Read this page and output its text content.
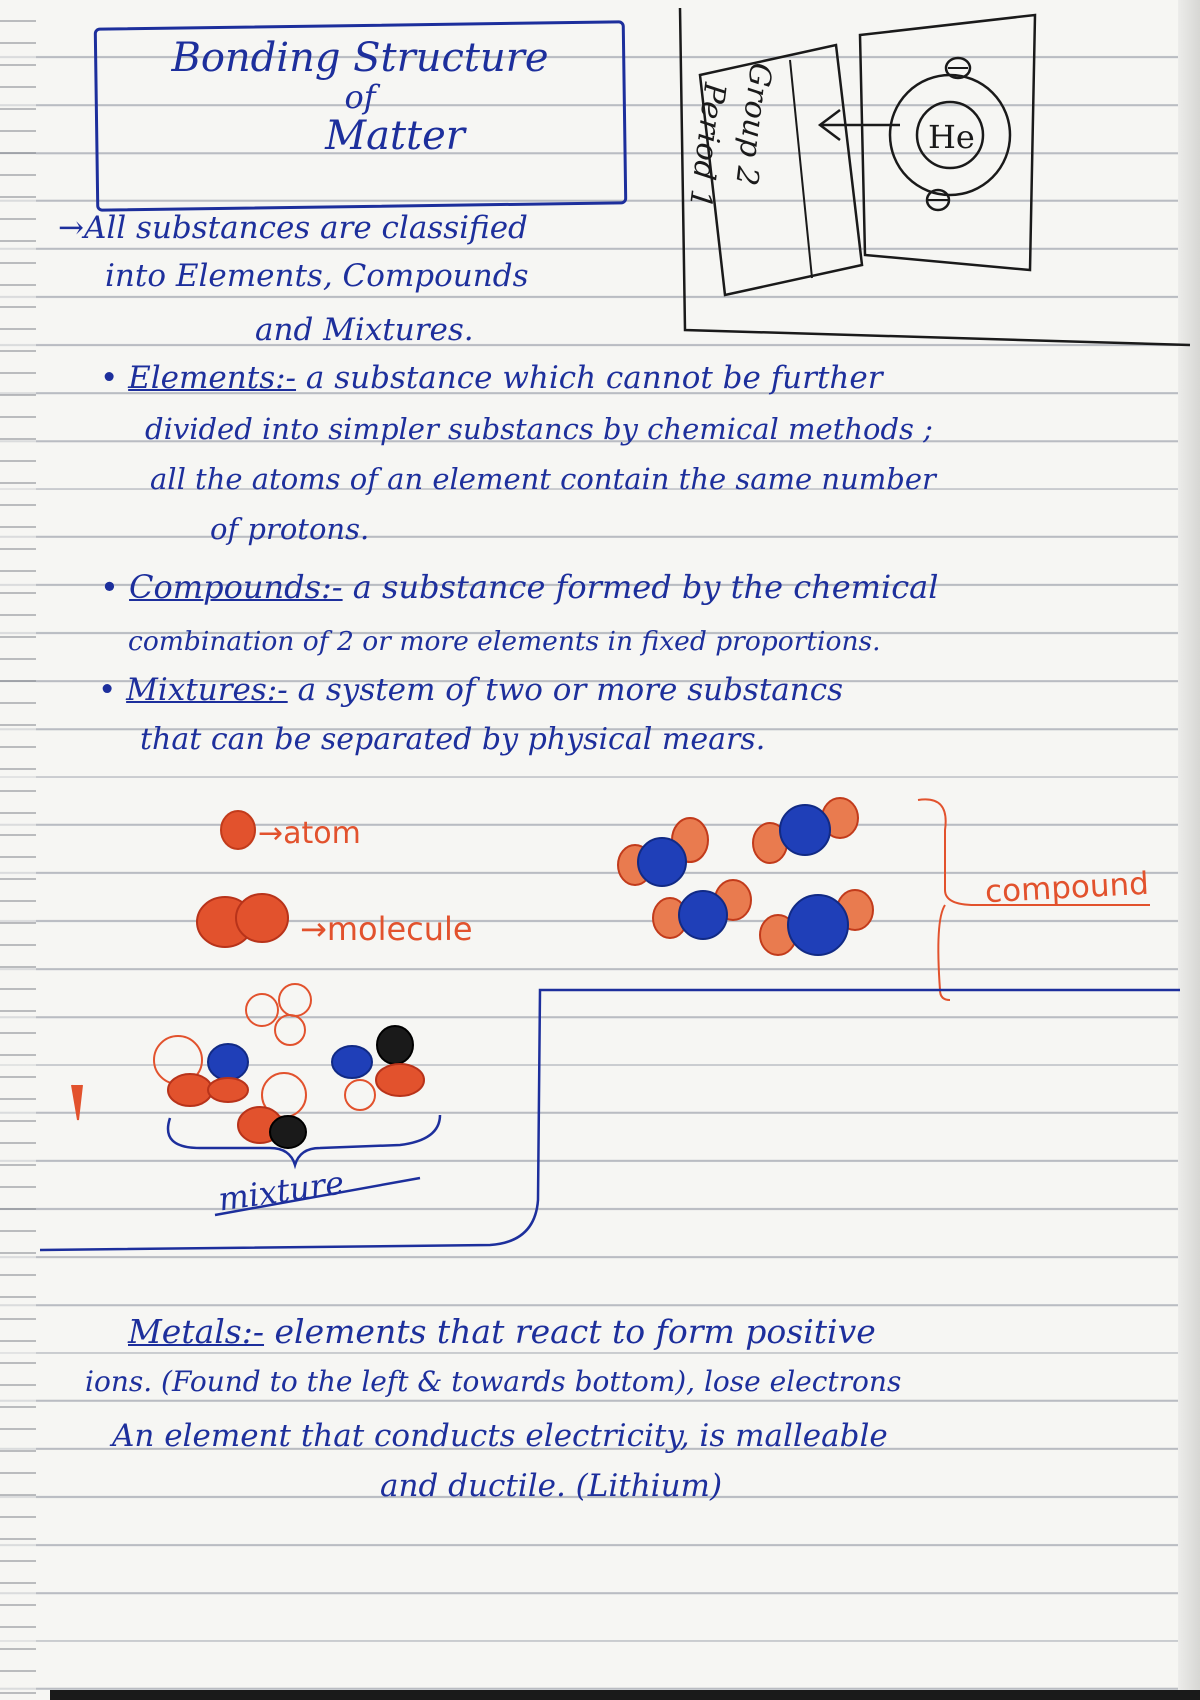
Bonding Structure
of
Matter	Group 2
Period 1	He
→All substances are classified
into Elements, Compounds
and Mixtures.
• Elements:- a substance which cannot be further
divided into simpler substancs by chemical methods ;
all the atoms of an element contain the same number
of protons.
• Compounds:- a substance formed by the chemical
combination of 2 or more elements in fixed proportions.
• Mixtures:- a system of two or more substancs
that can be separated by physical mears.
→atom
→molecule
compound
mixture
Metals:- elements that react to form positive
ions. (Found to the left & towards bottom), lose electrons
An element that conducts electricity, is malleable
and ductile. (Lithium)
